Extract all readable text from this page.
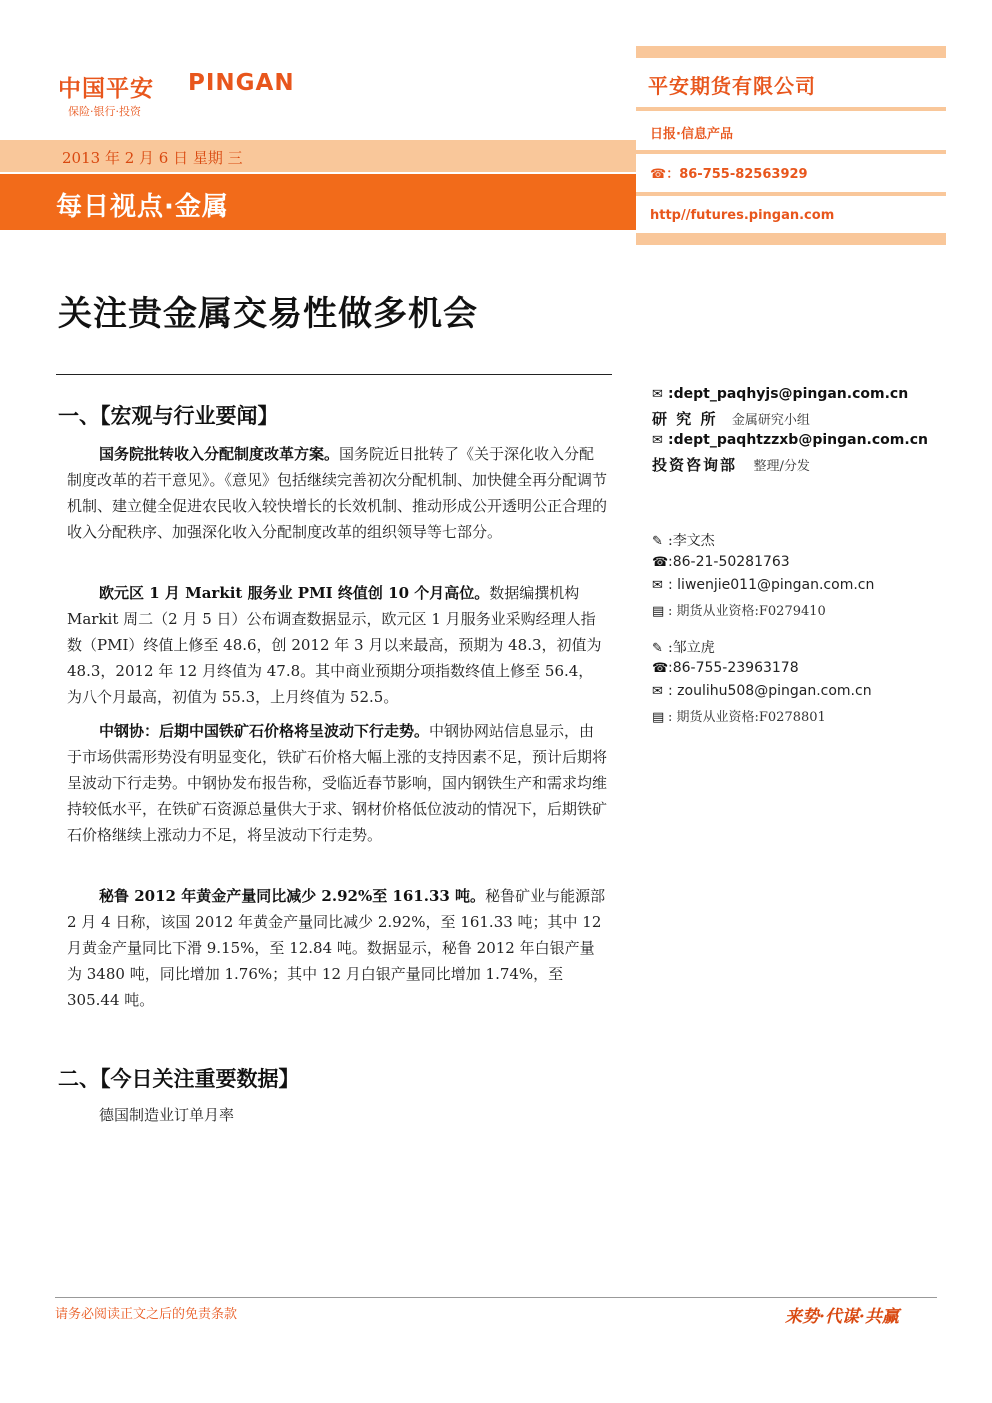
中国平安 PINGAN
保险·银行·投资
2013 年 2 月 6 日 星期 三
每日视点·金属
平安期货有限公司
日报·信息产品
☎：86-755-82563929
http//futures.pingan.com
关注贵金属交易性做多机会
一、【宏观与行业要闻】
国务院批转收入分配制度改革方案。国务院近日批转了《关于深化收入分配制度改革的若干意见》。《意见》包括继续完善初次分配机制、加快健全再分配调节机制、建立健全促进农民收入较快增长的长效机制、推动形成公开透明公正合理的收入分配秩序、加强深化收入分配制度改革的组织领导等七部分。
欧元区 1 月 Markit 服务业 PMI 终值创 10 个月高位。数据编撰机构 Markit 周二（2 月 5 日）公布调查数据显示，欧元区 1 月服务业采购经理人指数（PMI）终值上修至 48.6，创 2012 年 3 月以来最高，预期为 48.3，初值为 48.3，2012 年 12 月终值为 47.8。其中商业预期分项指数终值上修至 56.4，为八个月最高，初值为 55.3，上月终值为 52.5。
中钢协：后期中国铁矿石价格将呈波动下行走势。中钢协网站信息显示，由于市场供需形势没有明显变化，铁矿石价格大幅上涨的支持因素不足，预计后期将呈波动下行走势。中钢协发布报告称，受临近春节影响，国内钢铁生产和需求均维持较低水平，在铁矿石资源总量供大于求、钢材价格低位波动的情况下，后期铁矿石价格继续上涨动力不足，将呈波动下行走势。
秘鲁 2012 年黄金产量同比减少 2.92%至 161.33 吨。秘鲁矿业与能源部 2 月 4 日称，该国 2012 年黄金产量同比减少 2.92%，至 161.33 吨；其中 12 月黄金产量同比下滑 9.15%，至 12.84 吨。数据显示，秘鲁 2012 年白银产量为 3480 吨，同比增加 1.76%；其中 12 月白银产量同比增加 1.74%，至 305.44 吨。
二、【今日关注重要数据】
德国制造业订单月率
✉ :dept_paqhyjs@pingan.com.cn
研 究 所 金属研究小组
✉ :dept_paqhtzzxb@pingan.com.cn
投资咨询部 整理/分发
✎ :李文杰
☎:86-21-50281763
✉ : liwenjie011@pingan.com.cn
▤ : 期货从业资格:F0279410
✎ :邹立虎
☎:86-755-23963178
✉ : zoulihu508@pingan.com.cn
▤ : 期货从业资格:F0278801
请务必阅读正文之后的免责条款	来势·代谋·共赢
